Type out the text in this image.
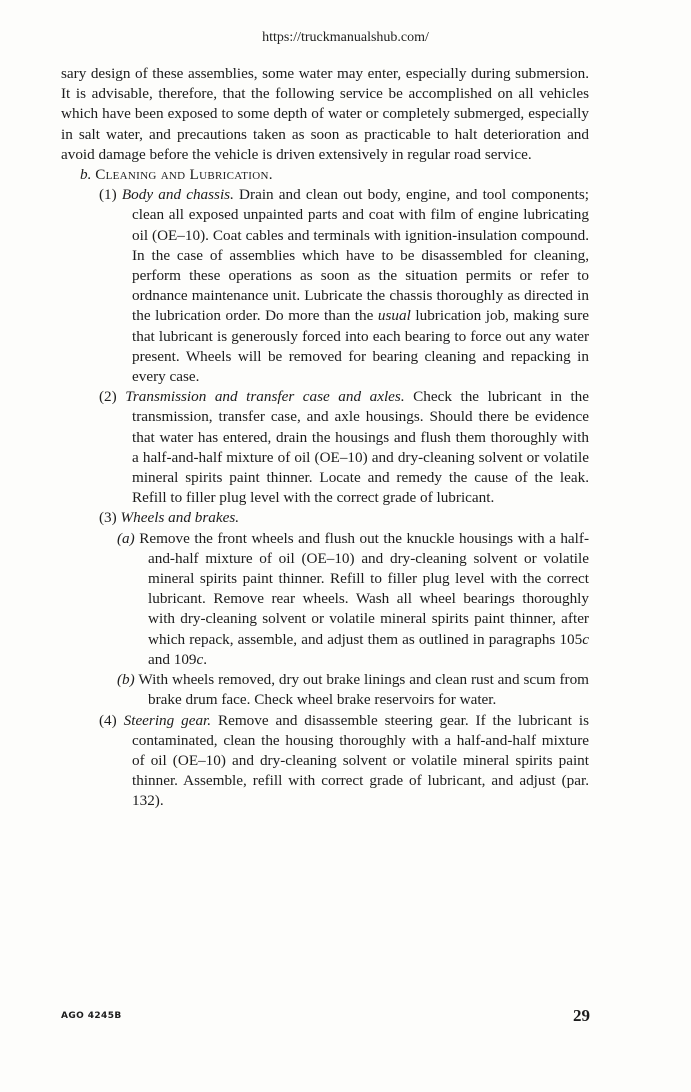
https://truckmanualshub.com/

sary design of these assemblies, some water may enter, especially during submersion. It is advisable, therefore, that the following service be accomplished on all vehicles which have been exposed to some depth of water or completely submerged, especially in salt water, and precautions taken as soon as practicable to halt deterioration and avoid damage before the vehicle is driven extensively in regular road service.

b. Cleaning and Lubrication.

(1) Body and chassis. Drain and clean out body, engine, and tool components; clean all exposed unpainted parts and coat with film of engine lubricating oil (OE–10). Coat cables and terminals with ignition-insulation compound. In the case of assemblies which have to be disassembled for cleaning, perform these operations as soon as the situation permits or refer to ordnance maintenance unit. Lubricate the chassis thoroughly as directed in the lubrication order. Do more than the usual lubrication job, making sure that lubricant is generously forced into each bearing to force out any water present. Wheels will be removed for bearing cleaning and repacking in every case.

(2) Transmission and transfer case and axles. Check the lubricant in the transmission, transfer case, and axle housings. Should there be evidence that water has entered, drain the housings and flush them thoroughly with a half-and-half mixture of oil (OE–10) and dry-cleaning solvent or volatile mineral spirits paint thinner. Locate and remedy the cause of the leak. Refill to filler plug level with the correct grade of lubricant.

(3) Wheels and brakes.

(a) Remove the front wheels and flush out the knuckle housings with a half-and-half mixture of oil (OE–10) and dry-cleaning solvent or volatile mineral spirits paint thinner. Refill to filler plug level with the correct lubricant. Remove rear wheels. Wash all wheel bearings thoroughly with dry-cleaning solvent or volatile mineral spirits paint thinner, after which repack, assemble, and adjust them as outlined in paragraphs 105c and 109c.

(b) With wheels removed, dry out brake linings and clean rust and scum from brake drum face. Check wheel brake reservoirs for water.

(4) Steering gear. Remove and disassemble steering gear. If the lubricant is contaminated, clean the housing thoroughly with a half-and-half mixture of oil (OE–10) and dry-cleaning solvent or volatile mineral spirits paint thinner. Assemble, refill with correct grade of lubricant, and adjust (par. 132).

AGO 4245B	29
